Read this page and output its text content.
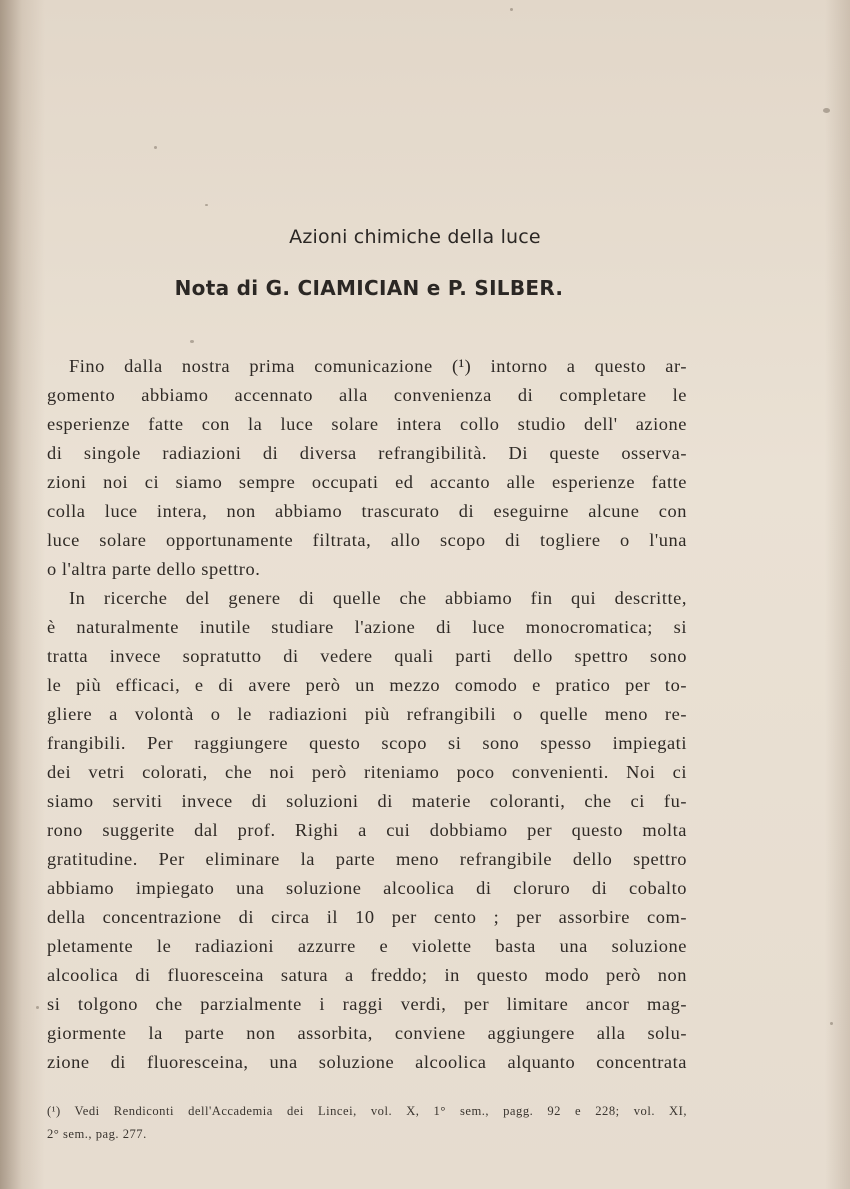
Azioni chimiche della luce
Nota di G. CIAMICIAN e P. SILBER.
Fino dalla nostra prima comunicazione (¹) intorno a questo ar-
gomento abbiamo accennato alla convenienza di completare le
esperienze fatte con la luce solare intera collo studio dell' azione
di singole radiazioni di diversa refrangibilità. Di queste osserva-
zioni noi ci siamo sempre occupati ed accanto alle esperienze fatte
colla luce intera, non abbiamo trascurato di eseguirne alcune con
luce solare opportunamente filtrata, allo scopo di togliere o l'una
o l'altra parte dello spettro.
In ricerche del genere di quelle che abbiamo fin qui descritte,
è naturalmente inutile studiare l'azione di luce monocromatica; si
tratta invece sopratutto di vedere quali parti dello spettro sono
le più efficaci, e di avere però un mezzo comodo e pratico per to-
gliere a volontà o le radiazioni più refrangibili o quelle meno re-
frangibili. Per raggiungere questo scopo si sono spesso impiegati
dei vetri colorati, che noi però riteniamo poco convenienti. Noi ci
siamo serviti invece di soluzioni di materie coloranti, che ci fu-
rono suggerite dal prof. Righi a cui dobbiamo per questo molta
gratitudine. Per eliminare la parte meno refrangibile dello spettro
abbiamo impiegato una soluzione alcoolica di cloruro di cobalto
della concentrazione di circa il 10 per cento ; per assorbire com-
pletamente le radiazioni azzurre e violette basta una soluzione
alcoolica di fluoresceina satura a freddo; in questo modo però non
si tolgono che parzialmente i raggi verdi, per limitare ancor mag-
giormente la parte non assorbita, conviene aggiungere alla solu-
zione di fluoresceina, una soluzione alcoolica alquanto concentrata
(¹) Vedi Rendiconti dell'Accademia dei Lincei, vol. X, 1° sem., pagg. 92 e 228; vol. XI,
2° sem., pag. 277.
